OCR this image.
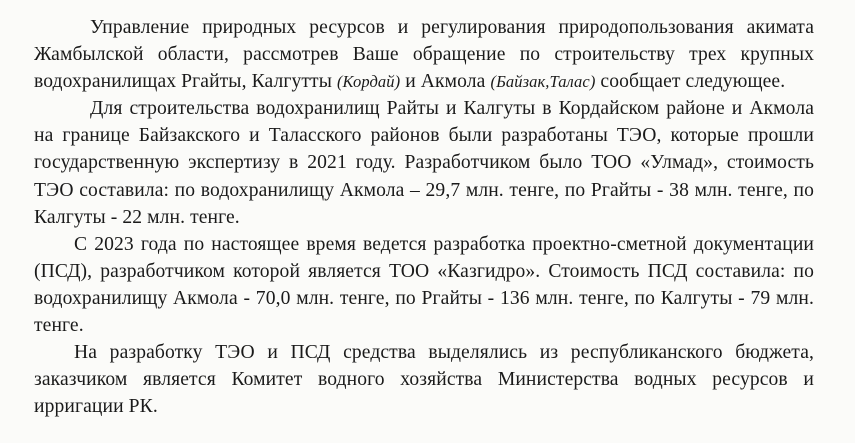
Управление природных ресурсов и регулирования природопользования акимата Жамбылской области, рассмотрев Ваше обращение по строительству трех крупных водохранилищах Ргайты, Калгутты (Кордай) и Акмола (Байзак,Талас) сообщает следующее.

Для строительства водохранилищ Райты и Калгуты в Кордайском районе и Акмола на границе Байзакского и Таласского районов были разработаны ТЭО, которые прошли государственную экспертизу в 2021 году. Разработчиком было ТОО «Улмад», стоимость ТЭО составила: по водохранилищу Акмола – 29,7 млн. тенге, по Ргайты - 38 млн. тенге, по Калгуты - 22 млн. тенге.

С 2023 года по настоящее время ведется разработка проектно-сметной документации (ПСД), разработчиком которой является ТОО «Казгидро». Стоимость ПСД составила: по водохранилищу Акмола - 70,0 млн. тенге, по Ргайты - 136 млн. тенге, по Калгуты - 79 млн. тенге.

На разработку ТЭО и ПСД средства выделялись из республиканского бюджета, заказчиком является Комитет водного хозяйства Министерства водных ресурсов и ирригации РК.
